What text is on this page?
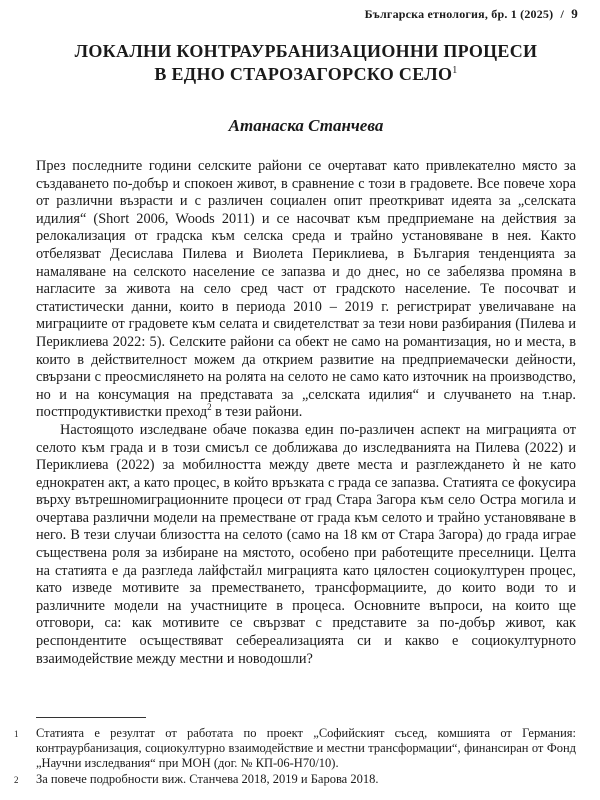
Българска етнология, бр. 1 (2025) / 9
ЛОКАЛНИ КОНТРАУРБАНИЗАЦИОННИ ПРОЦЕСИ
В ЕДНО СТАРОЗАГОРСКО СЕЛО$^1$
Атанаска Станчева

През последните години селските райони се очертават като привлекателно място за създаването по-добър и спокоен живот, в сравнение с този в градовете. Все повече хора от различни възрасти и с различен социален опит преоткриват идеята за „селската идилия“ (Short 2006, Woods 2011) и се насочват към предприемане на действия за релокализация от градска към селска среда и трайно установяване в нея. Както отбелязват Десислава Пилева и Виолета Периклиева, в България тенденцията за намаляване на селското население се запазва и до днес, но се забелязва промяна в нагласите за живота на село сред част от градското население. Те посочват и статистически данни, които в периода 2010 – 2019 г. регистрират увеличаване на миграциите от градовете към селата и свидетелстват за тези нови разбирания (Пилева и Периклиева 2022: 5). Селските райони са обект не само на романтизация, но и места, в които в действителност можем да открием развитие на предприемачески дейности, свързани с преосмислянето на ролята на селото не само като източник на производство, но и на консумация на представата за „селската идилия“ и случването на т.нар. постпродуктивистки преход$^2$ в тези райони.

Настоящото изследване обаче показва един по-различен аспект на миграцията от селото към града и в този смисъл се доближава до изследванията на Пилева (2022) и Периклиева (2022) за мобилността между двете места и разглеждането ѝ не като еднократен акт, а като процес, в който връзката с града се запазва. Статията се фокусира върху вътрешномиграционните процеси от град Стара Загора към село Остра могила и очертава различни модели на преместване от града към селото и трайно установяване в него. В тези случаи близостта на селото (само на 18 км от Стара Загора) до града играе съществена роля за избиране на мястото, особено при работещите преселници. Целта на статията е да разгледа лайфстайл миграцията като цялостен социокултурен процес, като изведе мотивите за преместването, трансформациите, до които води то и различните модели на участниците в процеса. Основните въпроси, на които ще отговори, са: как мотивите се свързват с представите за по-добър живот, как респондентите осъществяват себереализацията си и какво е социокултурното взаимодействие между местни и новодошли?

1	Статията е резултат от работата по проект „Софийският съсед, комшията от Германия: контраурбанизация, социокултурно взаимодействие и местни трансформации“, финансиран от Фонд „Научни изследвания“ при МОН (дог. № КП-06-Н70/10).
2	За повече подробности виж. Станчева 2018, 2019 и Барова 2018.
